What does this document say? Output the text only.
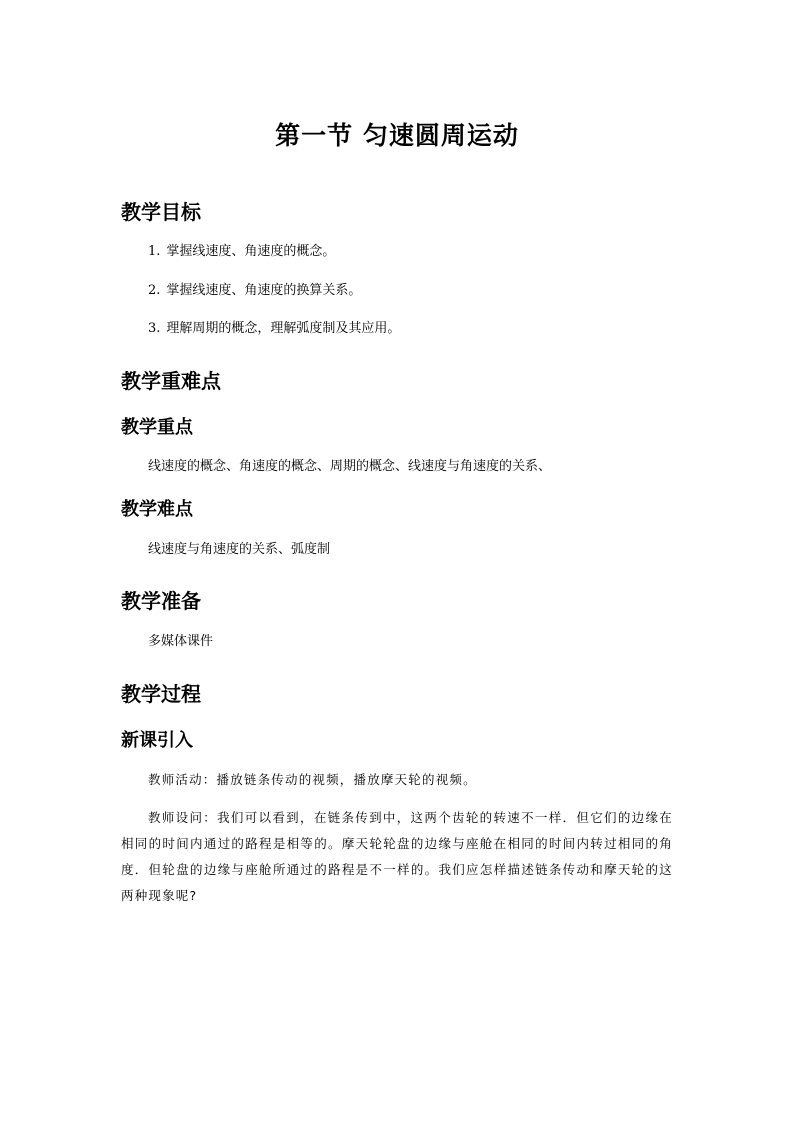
第一节 匀速圆周运动
教学目标
1. 掌握线速度、角速度的概念。
2. 掌握线速度、角速度的换算关系。
3. 理解周期的概念，理解弧度制及其应用。
教学重难点
教学重点
线速度的概念、角速度的概念、周期的概念、线速度与角速度的关系、
教学难点
线速度与角速度的关系、弧度制
教学准备
多媒体课件
教学过程
新课引入
教师活动：播放链条传动的视频，播放摩天轮的视频。
教师设问：我们可以看到，在链条传到中，这两个齿轮的转速不一样．但它们的边缘在相同的时间内通过的路程是相等的。摩天轮轮盘的边缘与座舱在相同的时间内转过相同的角度．但轮盘的边缘与座舱所通过的路程是不一样的。我们应怎样描述链条传动和摩天轮的这两种现象呢?
